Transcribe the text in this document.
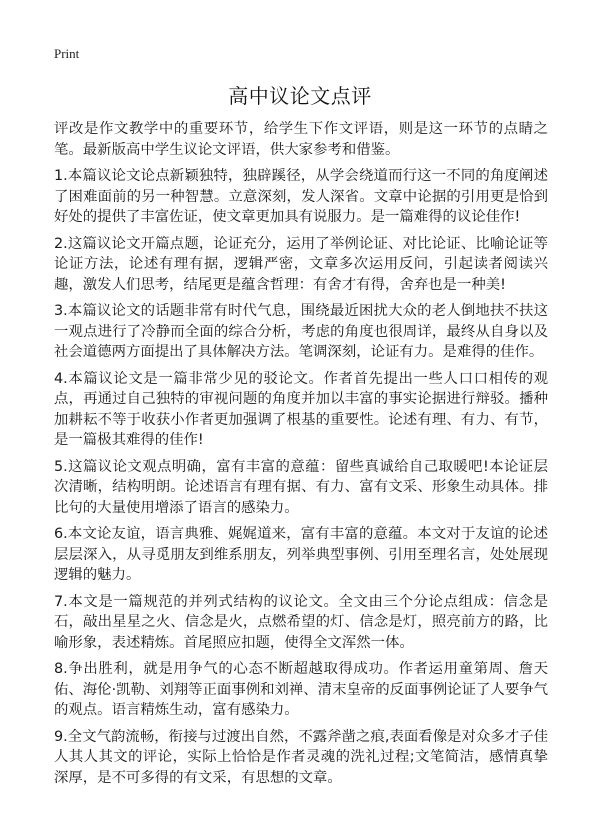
Print
高中议论文点评

评改是作文教学中的重要环节，给学生下作文评语，则是这一环节的点睛之笔。最新版高中学生议论文评语，供大家参考和借鉴。

1.本篇议论文论点新颖独特，独辟蹊径，从学会绕道而行这一不同的角度阐述了困难面前的另一种智慧。立意深刻，发人深省。文章中论据的引用更是恰到好处的提供了丰富佐证，使文章更加具有说服力。是一篇难得的议论佳作!

2.这篇议论文开篇点题，论证充分，运用了举例论证、对比论证、比喻论证等论证方法，论述有理有据，逻辑严密，文章多次运用反问，引起读者阅读兴趣，激发人们思考，结尾更是蕴含哲理：有舍才有得，舍弃也是一种美!

3.本篇议论文的话题非常有时代气息，围绕最近困扰大众的老人倒地扶不扶这一观点进行了冷静而全面的综合分析，考虑的角度也很周详，最终从自身以及社会道德两方面提出了具体解决方法。笔调深刻，论证有力。是难得的佳作。

4.本篇议论文是一篇非常少见的驳论文。作者首先提出一些人口口相传的观点，再通过自己独特的审视问题的角度并加以丰富的事实论据进行辩驳。播种加耕耘不等于收获小作者更加强调了根基的重要性。论述有理、有力、有节，是一篇极其难得的佳作!

5.这篇议论文观点明确，富有丰富的意蕴：留些真诚给自己取暖吧!本论证层次清晰，结构明朗。论述语言有理有据、有力、富有文采、形象生动具体。排比句的大量使用增添了语言的感染力。

6.本文论友谊，语言典雅、娓娓道来，富有丰富的意蕴。本文对于友谊的论述层层深入，从寻觅朋友到维系朋友，列举典型事例、引用至理名言，处处展现逻辑的魅力。

7.本文是一篇规范的并列式结构的议论文。全文由三个分论点组成：信念是石，敲出星星之火、信念是火，点燃希望的灯、信念是灯，照亮前方的路，比喻形象，表述精炼。首尾照应扣题，使得全文浑然一体。

8.争出胜利，就是用争气的心态不断超越取得成功。作者运用童第周、詹天佑、海伦·凯勒、刘翔等正面事例和刘禅、清末皇帝的反面事例论证了人要争气的观点。语言精炼生动，富有感染力。

9.全文气韵流畅，衔接与过渡出自然，不露斧凿之痕,表面看像是对众多才子佳人其人其文的评论，实际上恰恰是作者灵魂的洗礼过程;文笔简洁，感情真挚深厚，是不可多得的有文采，有思想的文章。
